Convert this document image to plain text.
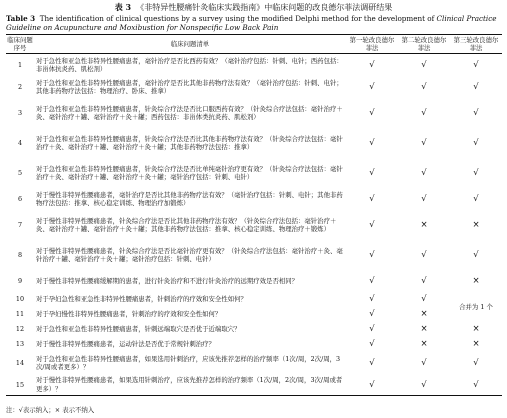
表 3 《非特异性腰痛针灸临床实践指南》中临床问题的改良德尔菲法调研结果
Table 3 The identification of clinical questions by a survey using the modified Delphi method for the development of Clinical Practice Guideline on Acupuncture and Moxibustion for Nonspecific Low Back Pain
临床问题序号	临床问题清单	第一轮改良德尔菲法	第二轮改良德尔菲法	第三轮改良德尔菲法
1	对于急性和亚急性非特异性腰痛患者，毫针治疗是否比西药有效？（毫针治疗包括：针刺、电针；西药包括：非甾体抗炎药、肌松剂）	√	√	√
2	对于急性和亚急性非特异性腰痛患者，毫针治疗是否比其他非药物疗法有效？（毫针治疗包括：针刺、电针；其他非药物疗法包括：物理治疗、卧床、推拿）	√	√	√
3	对于急性和亚急性非特异性腰痛患者，针灸综合疗法是否比口服西药有效？（针灸综合疗法包括：毫针治疗＋灸、毫针治疗＋罐、毫针治疗＋灸＋罐；西药包括：非甾体类抗炎药、肌松剂）	√	√	√
4	对于急性和亚急性非特异性腰痛患者，针灸综合疗法是否比其他非药物疗法有效？（针灸综合疗法包括：毫针治疗＋灸、毫针治疗＋罐、毫针治疗＋灸＋罐；其他非药物疗法包括：推拿）	√	√	√
5	对于急性和亚急性非特异性腰痛患者，针灸综合疗法是否比单纯毫针治疗更有效？（针灸综合疗法包括：毫针治疗＋灸、毫针治疗＋罐、毫针治疗＋灸＋罐；毫针治疗包括：针刺、电针）	√	√	√
6	对于慢性非特异性腰痛患者，毫针治疗是否比其他非药物疗法有效？（毫针治疗包括：针刺、电针；其他非药物疗法包括：推拿、核心稳定训练、物理治疗加锻炼）	√	√	√
7	对于慢性非特异性腰痛患者，针灸综合疗法是否比其他非药物疗法有效？（针灸综合疗法包括：毫针治疗＋灸、毫针治疗＋罐、毫针治疗＋灸＋罐；其他非药物疗法包括：推拿、核心稳定训练、物理治疗＋锻炼）	√	×	×
8	对于慢性非特异性腰痛患者，针灸综合疗法是否比毫针治疗更有效？（针灸综合疗法包括：毫针治疗＋灸、毫针治疗＋罐、毫针治疗＋灸＋罐；毫针治疗包括：针刺、电针）	√	√	√
9	对于慢性非特异性腰痛缓解期的患者，进行针灸治疗和不进行针灸治疗的远期疗效是否相同？	√	√	×
10	对于孕妇急性和亚急性非特异性腰痛患者，针刺治疗的疗效和安全性如何？	√	√	合并为 1 个
11	对于孕妇慢性非特异性腰痛患者，针刺治疗的疗效和安全性如何？	√	×	
12	对于急性和亚急性非特异性腰痛患者，针刺远端取穴是否优于近端取穴？	√	×	×
13	对于慢性非特异性腰痛患者，运动针法是否优于常规针刺治疗？	√	×	×
14	对于急性和亚急性非特异性腰痛患者，如果选用针刺治疗，应该先推荐怎样的治疗频率（1次/周，2次/周，3次/周或者更多）？	√	√	√
15	对于慢性非特异性腰痛患者，如果选用针刺治疗，应该先推荐怎样的治疗频率（1次/周，2次/周，3次/周或者更多）？	√	√	√
注：√表示纳入；× 表示不纳入
